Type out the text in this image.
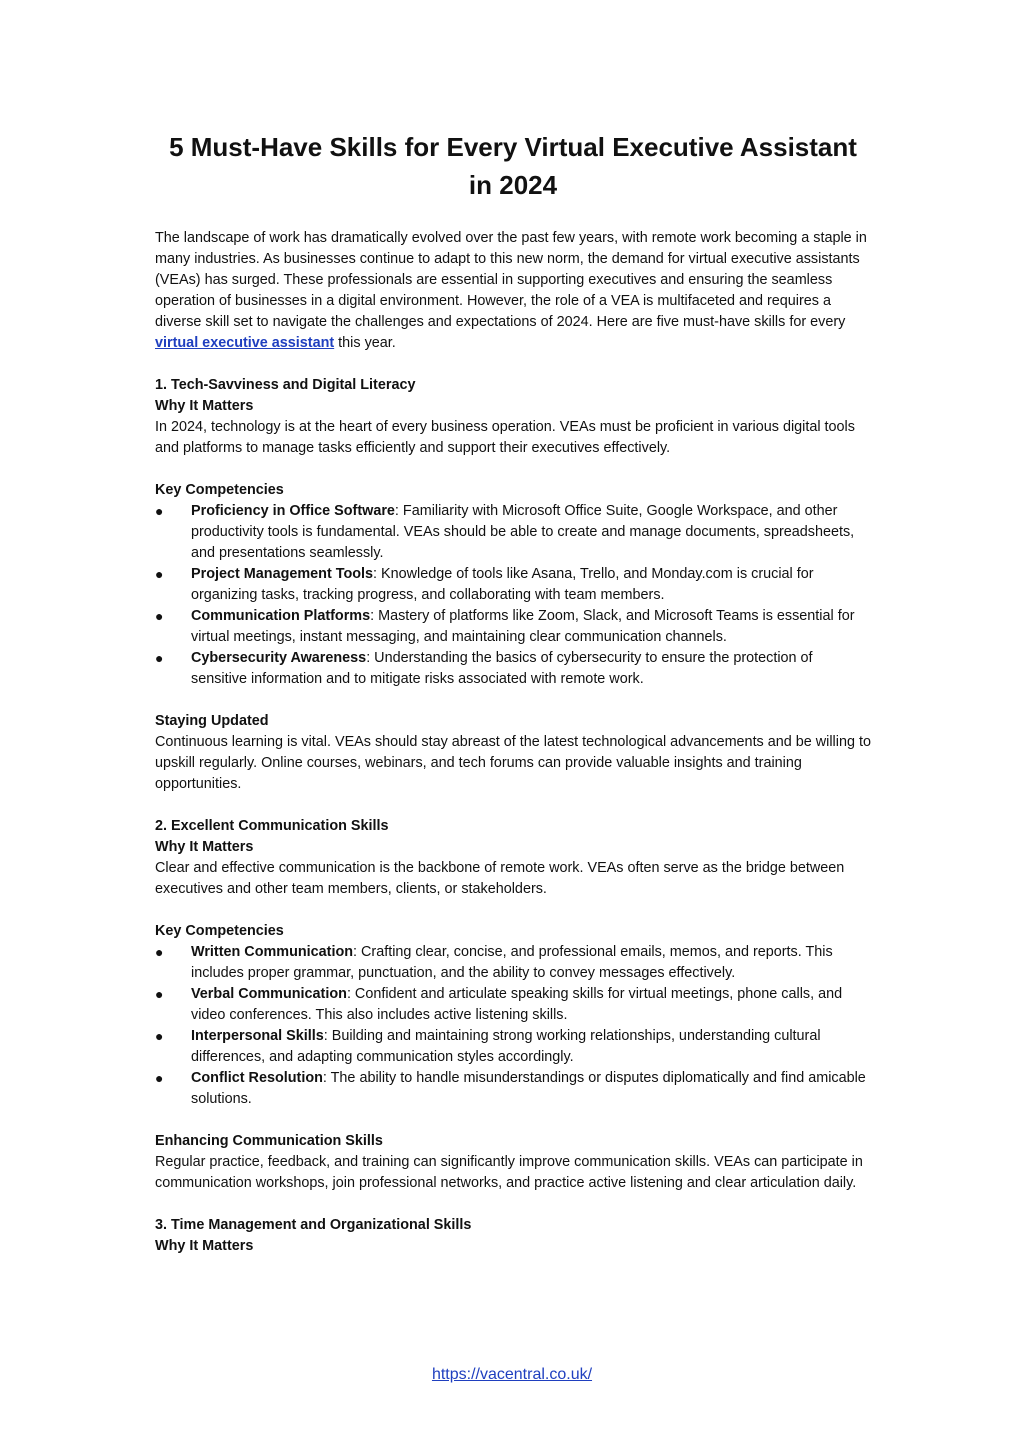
5 Must-Have Skills for Every Virtual Executive Assistant in 2024

The landscape of work has dramatically evolved over the past few years, with remote work becoming a staple in many industries. As businesses continue to adapt to this new norm, the demand for virtual executive assistants (VEAs) has surged. These professionals are essential in supporting executives and ensuring the seamless operation of businesses in a digital environment. However, the role of a VEA is multifaceted and requires a diverse skill set to navigate the challenges and expectations of 2024. Here are five must-have skills for every virtual executive assistant this year.

1. Tech-Savviness and Digital Literacy

Why It Matters

In 2024, technology is at the heart of every business operation. VEAs must be proficient in various digital tools and platforms to manage tasks efficiently and support their executives effectively.

Key Competencies

●	Proficiency in Office Software: Familiarity with Microsoft Office Suite, Google Workspace, and other productivity tools is fundamental. VEAs should be able to create and manage documents, spreadsheets, and presentations seamlessly.
●	Project Management Tools: Knowledge of tools like Asana, Trello, and Monday.com is crucial for organizing tasks, tracking progress, and collaborating with team members.
●	Communication Platforms: Mastery of platforms like Zoom, Slack, and Microsoft Teams is essential for virtual meetings, instant messaging, and maintaining clear communication channels.
●	Cybersecurity Awareness: Understanding the basics of cybersecurity to ensure the protection of sensitive information and to mitigate risks associated with remote work.

Staying Updated

Continuous learning is vital. VEAs should stay abreast of the latest technological advancements and be willing to upskill regularly. Online courses, webinars, and tech forums can provide valuable insights and training opportunities.

2. Excellent Communication Skills

Why It Matters

Clear and effective communication is the backbone of remote work. VEAs often serve as the bridge between executives and other team members, clients, or stakeholders.

Key Competencies

●	Written Communication: Crafting clear, concise, and professional emails, memos, and reports. This includes proper grammar, punctuation, and the ability to convey messages effectively.
●	Verbal Communication: Confident and articulate speaking skills for virtual meetings, phone calls, and video conferences. This also includes active listening skills.
●	Interpersonal Skills: Building and maintaining strong working relationships, understanding cultural differences, and adapting communication styles accordingly.
●	Conflict Resolution: The ability to handle misunderstandings or disputes diplomatically and find amicable solutions.

Enhancing Communication Skills

Regular practice, feedback, and training can significantly improve communication skills. VEAs can participate in communication workshops, join professional networks, and practice active listening and clear articulation daily.

3. Time Management and Organizational Skills

Why It Matters

https://vacentral.co.uk/
